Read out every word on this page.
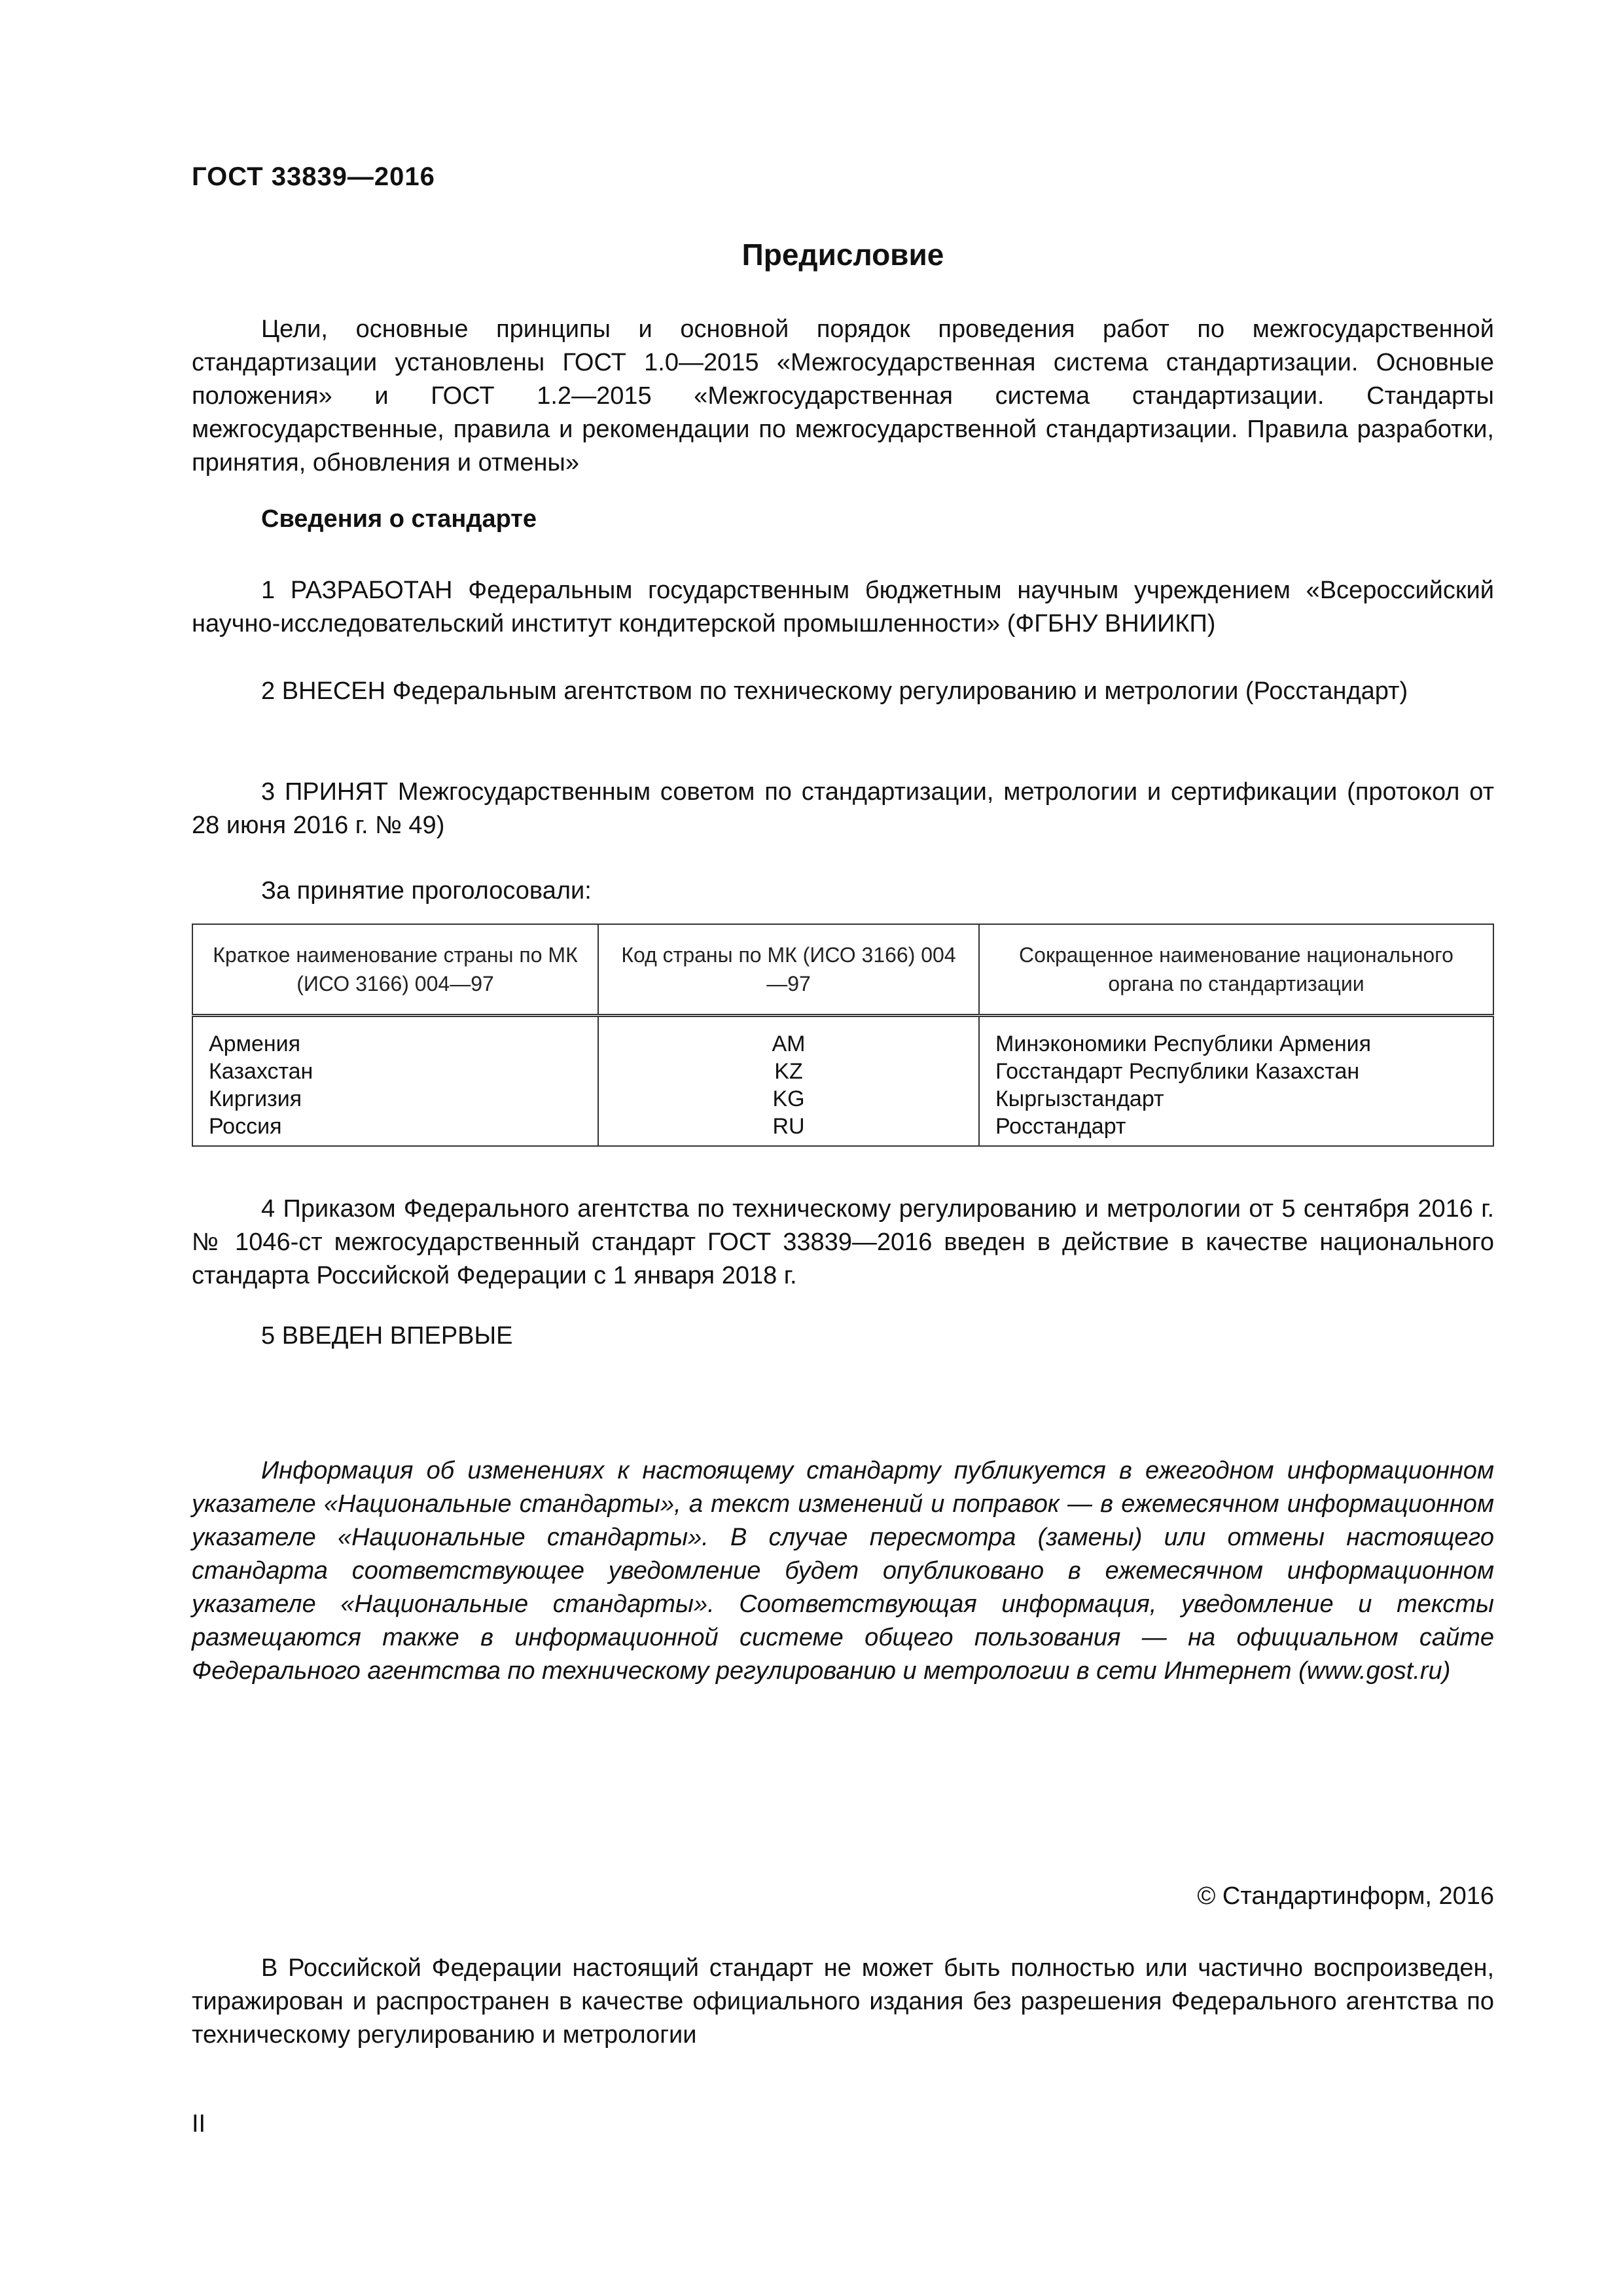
ГОСТ 33839—2016
Предисловие

Цели, основные принципы и основной порядок проведения работ по межгосударственной стандартизации установлены ГОСТ 1.0—2015 «Межгосударственная система стандартизации. Основные положения» и ГОСТ 1.2—2015 «Межгосударственная система стандартизации. Стандарты межгосударственные, правила и рекомендации по межгосударственной стандартизации. Правила разработки, принятия, обновления и отмены»

Сведения о стандарте

1 РАЗРАБОТАН Федеральным государственным бюджетным научным учреждением «Всероссийский научно-исследовательский институт кондитерской промышленности» (ФГБНУ ВНИИКП)

2 ВНЕСЕН Федеральным агентством по техническому регулированию и метрологии (Росстандарт)

3 ПРИНЯТ Межгосударственным советом по стандартизации, метрологии и сертификации (протокол от 28 июня 2016 г. № 49)

За принятие проголосовали:
Краткое наименование страны по МК (ИСО 3166) 004—97	Код страны по МК (ИСО 3166) 004—97	Сокращенное наименование национального органа по стандартизации
Армения	AM	Минэкономики Республики Армения
Казахстан	KZ	Госстандарт Республики Казахстан
Киргизия	KG	Кыргызстандарт
Россия	RU	Росстандарт

4 Приказом Федерального агентства по техническому регулированию и метрологии от 5 сентября 2016 г. № 1046-ст межгосударственный стандарт ГОСТ 33839—2016 введен в действие в качестве национального стандарта Российской Федерации с 1 января 2018 г.

5 ВВЕДЕН ВПЕРВЫЕ

Информация об изменениях к настоящему стандарту публикуется в ежегодном информационном указателе «Национальные стандарты», а текст изменений и поправок — в ежемесячном информационном указателе «Национальные стандарты». В случае пересмотра (замены) или отмены настоящего стандарта соответствующее уведомление будет опубликовано в ежемесячном информационном указателе «Национальные стандарты». Соответствующая информация, уведомление и тексты размещаются также в информационной системе общего пользования — на официальном сайте Федерального агентства по техническому регулированию и метрологии в сети Интернет (www.gost.ru)

© Стандартинформ, 2016

В Российской Федерации настоящий стандарт не может быть полностью или частично воспроизведен, тиражирован и распространен в качестве официального издания без разрешения Федерального агентства по техническому регулированию и метрологии

II
